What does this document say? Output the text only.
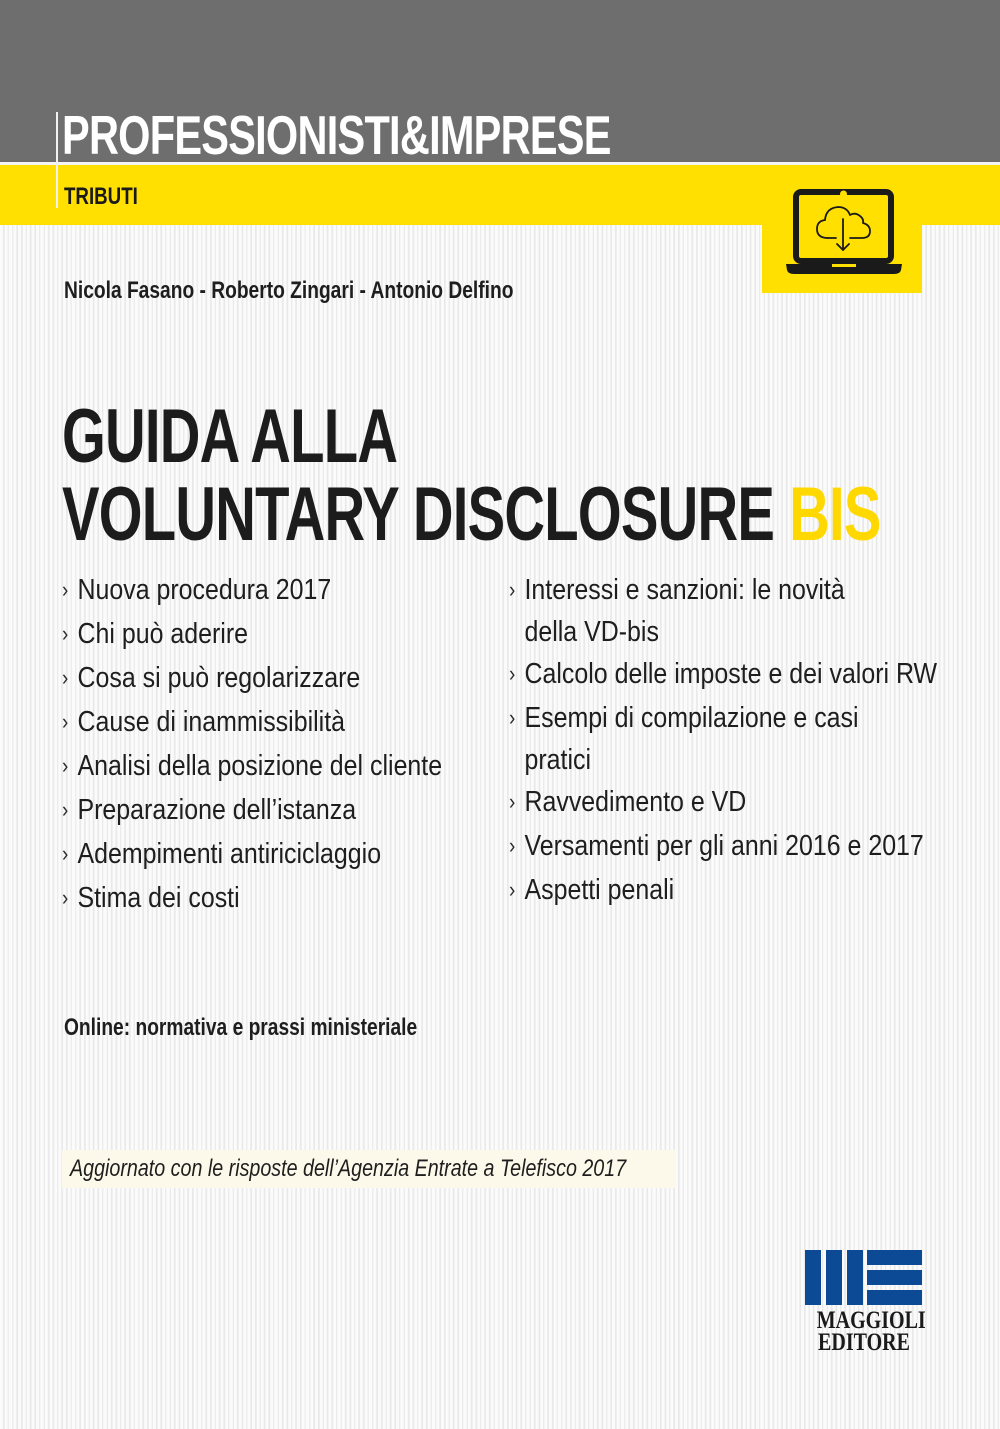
PROFESSIONISTI&IMPRESE
TRIBUTI
Nicola Fasano - Roberto Zingari - Antonio Delfino
GUIDA ALLA
VOLUNTARY DISCLOSURE BIS
› Nuova procedura 2017
› Chi può aderire
› Cosa si può regolarizzare
› Cause di inammissibilità
› Analisi della posizione del cliente
› Preparazione dell’istanza
› Adempimenti antiriciclaggio
› Stima dei costi
› Interessi e sanzioni: le novità
della VD-bis
› Calcolo delle imposte e dei valori RW
› Esempi di compilazione e casi
pratici
› Ravvedimento e VD
› Versamenti per gli anni 2016 e 2017
› Aspetti penali
Online: normativa e prassi ministeriale
Aggiornato con le risposte dell’Agenzia Entrate a Telefisco 2017
MAGGIOLI
EDITORE
